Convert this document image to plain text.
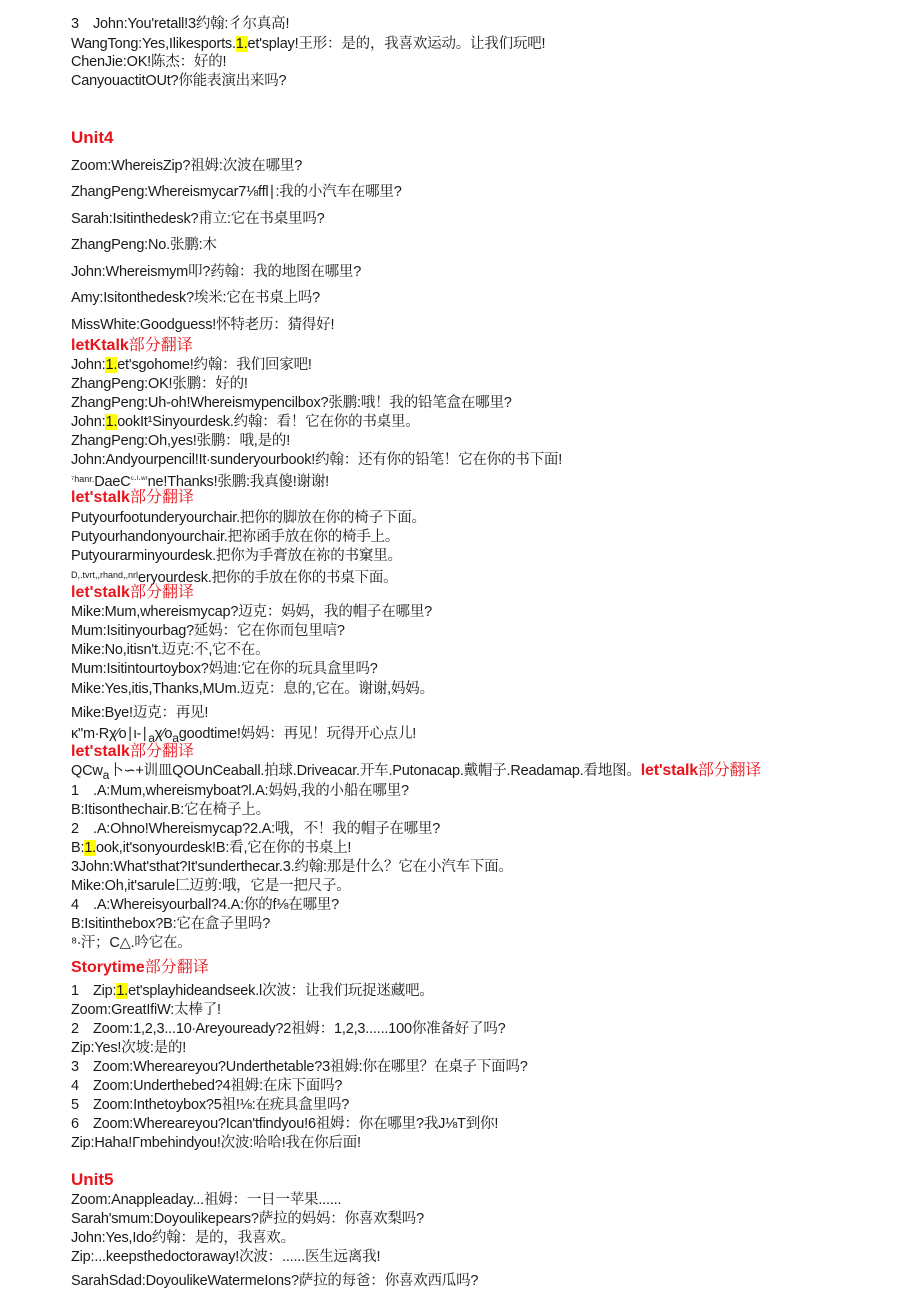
3 John:You'retall!3约翰:彳尔真高!
WangTong:Yes,Ilikesports.1.et'splay!王形：是的，我喜欢运动。让我们玩吧!
ChenJie:OK!陈杰：好的!
CanyouactitOUt?你能表演出来吗?
Unit4
Zoom:WhereisZip?祖姆:次波在哪里?
ZhangPeng:Whereismycar7⅛ffl∣:我的小汽车在哪里?
Sarah:Isitinthedesk?甫立:它在书桌里吗?
ZhangPeng:No.张鹏:木
John:Whereismym叩?药翰：我的地图在哪里?
Amy:Isitonthedesk?埃米:它在书桌上吗?
MissWhite:Goodguess!怀特老历：猜得好!
letKtalk部分翻译
John:1.et'sgohome!约翰：我们回家吧!
ZhangPeng:OK!张鹏：好的!
ZhangPeng:Uh-oh!Whereismypencilbox?张鹏:哦！我的铅笔盒在哪里?
John:1.ookIt¹Sinyourdesk.约翰：看！它在你的书桌里。
ZhangPeng:Oh,yes!张鹏：哦,是的!
John:Andyourpencil!It∙sunderyourbook!约翰：还有你的铅笔！它在你的书下面!
$^{^7hanr.}$DaeC$^{ᶜ\cdot ˡ\cdot ʷʳ}$ne!Thanks!张鹏:我真傻!谢谢!
let'stalk部分翻译
Putyourfootunderyourchair.把你的脚放在你的椅子下面。
Putyourhandonyourchair.把祢函手放在你的椅手上。
Putyourarminyourdesk.把你为手膏放在祢的书窠里。
$^{D,.tvrt,,rhand,,nrl}$eryourdesk.把你的手放在你的书桌下面。
let'stalk部分翻译
Mike:Mum,whereismycap?迈克：妈妈，我的帽子在哪里?
Mum:Isitinyourbag?延妈：它在你而包里唁?
Mike:No,itisn't.迈克:不,它不在。
Mum:Isitintourtoybox?妈迪:它在你的玩具盒里吗?
Mike:Yes,itis,Thanks,MUm.迈克：息的,它在。谢谢,妈妈。
Mike:Bye!迈克：再见!
$\kappa"m\cdot R\chi∕o∣\iota-∣_a\chi∕o_agoodtime$!妈妈：再见！玩得开心点儿!
let'stalk部分翻译
QCw$_a$卜∽+训皿QOUnCeaball.拍球.Driveacar.开车.Putonacap.戴帽子.Readamap.看地图。let'stalk部分翻译
1 .A:Mum,whereismyboat?l.A:妈妈,我的小船在哪里?
B:Itisonthechair.B:它在椅子上。
2 .A:Ohno!Whereismycap?2.A:哦，不！我的帽子在哪里?
B:1.ook,it'sonyourdesk!B:看,它在你的书桌上!
3John:What'sthat?It'sunderthecar.3.约翰:那是什么？它在小汽车下面。
Mike:Oh,it'sarule匚迈剪:哦，它是一把尺子。
4 .A:Whereisyourball?4.A:你的f⅛在哪里?
B:Isitinthebox?B:它在盒子里吗?
⁸∙汗；C△.吟它在。
Storytime部分翻译
1 Zip:1.et'splayhideandseek.l次波：让我们玩捉迷藏吧。
Zoom:GreatIfiW:太棒了!
2 Zoom:1,2,3...10∙Areyouready?2祖姆：1,2,3......100你准备好了吗?
Zip:Yes!次坡:是的!
3 Zoom:Whereareyou?Underthetable?3祖姆:你在哪里？在桌子下面吗?
4 Zoom:Underthebed?4祖姆:在床下面吗?
5 Zoom:Inthetoybox?5祖!⅛:在疣具盒里吗?
6 Zoom:Whereareyou?Ican'tfindyou!6祖姆：你在哪里?我J⅛T到你!
Zip:Haha!Γmbehindyou!次波:哈哈!我在你后面!
Unit5
Zoom:Anappleaday...祖姆：一日一苹果......
Sarah'smum:Doyoulikepears?萨拉的妈妈：你喜欢梨吗?
John:Yes,Ido约翰：是的，我喜欢。
Zip:...keepsthedoctoraway!次波：......医生远离我!
SarahSdad:DoyoulikeWatermeIons?萨拉的每爸：你喜欢西瓜吗?
